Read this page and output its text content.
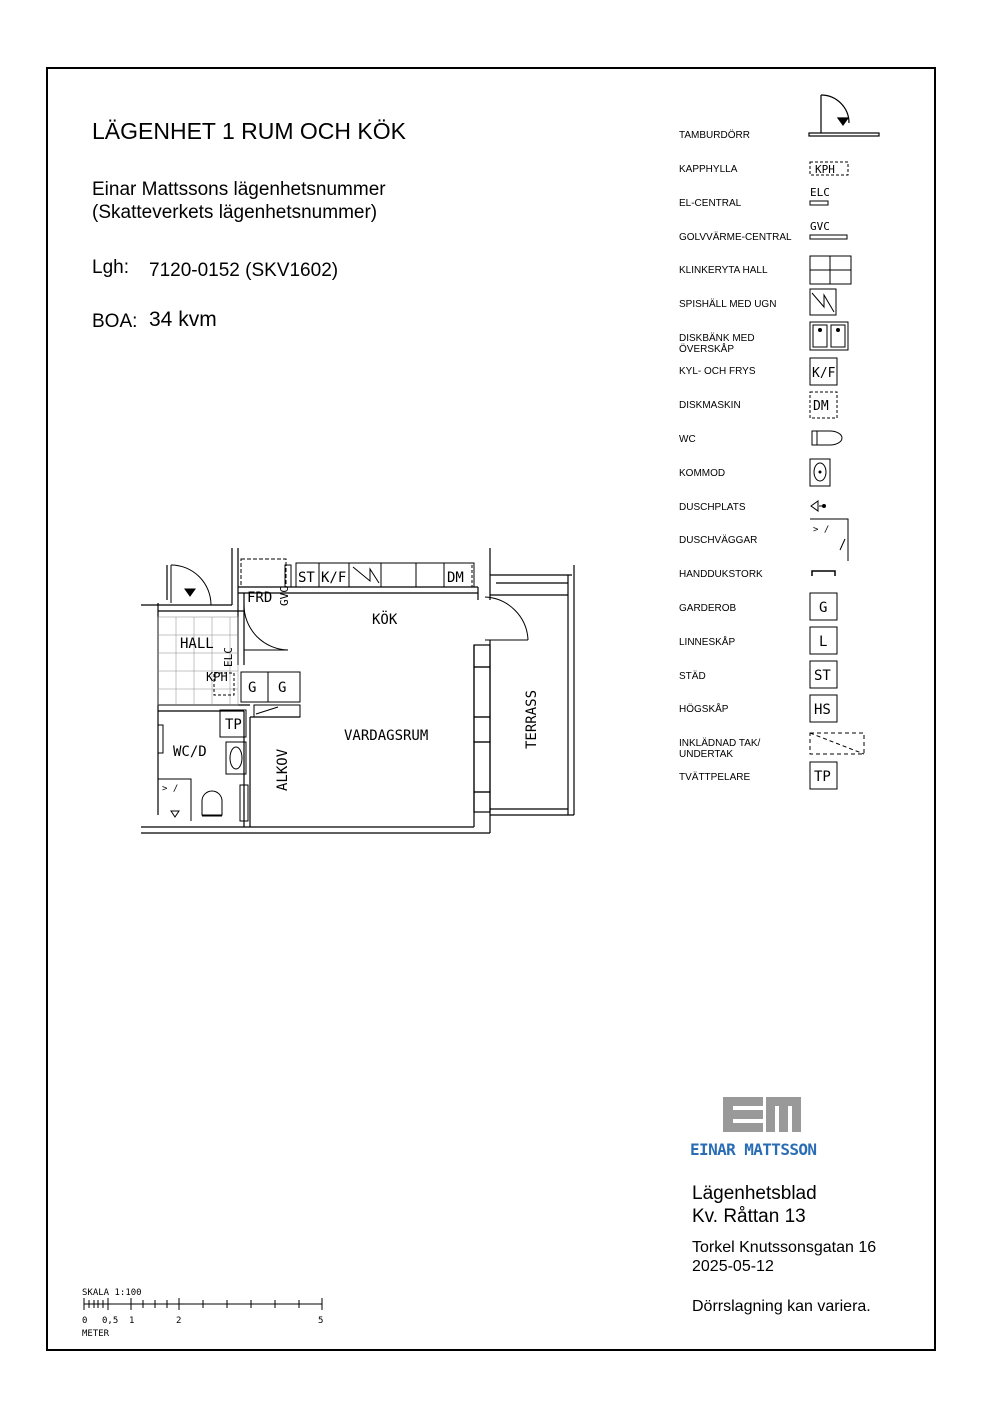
LÄGENHET 1 RUM OCH KÖK
Einar Mattssons lägenhetsnummer
(Skatteverkets lägenhetsnummer)
Lgh: 7120-0152 (SKV1602)
BOA: 34 kvm
TAMBURDÖRR
KAPPHYLLA
EL-CENTRAL
GOLVVÄRME-CENTRAL
KLINKERYTA HALL
SPISHÄLL MED UGN
DISKBÄNK MED
ÖVERSKÅP
KYL- OCH FRYS
DISKMASKIN
WC
KOMMOD
DUSCHPLATS
DUSCHVÄGGAR
HANDDUKSTORK
GARDEROB
LINNESKÅP
STÄD
HÖGSKÅP
INKLÄDNAD TAK/
UNDERTAK
TVÄTTPELARE
KPH
ELC
GVC
K/F
DM
> /
G
L
ST
HS
TP
> /
HALL
KÖK
VARDAGSRUM
WC/D	ALKOV
TERRASS
FRD GVC
ST K/F	DM
ELC
KPH
G G
TP
SKALA 1:100
0 0,5 1	2	5
METER
EINAR MATTSSON
Lägenhetsblad
Kv. Råttan 13
Torkel Knutssonsgatan 16
2025-05-12
Dörrslagning kan variera.
